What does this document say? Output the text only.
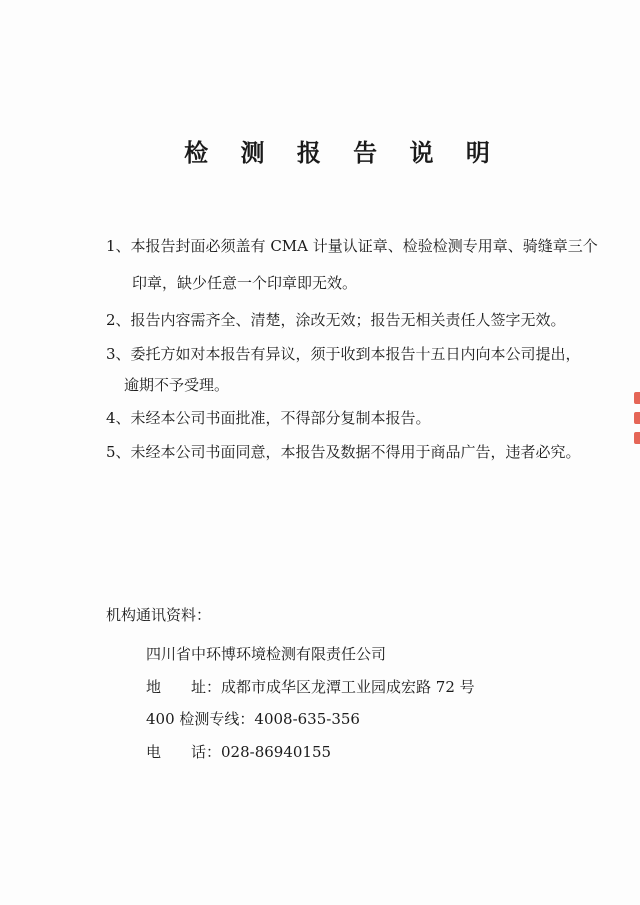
检 测 报 告 说 明
1、本报告封面必须盖有 CMA 计量认证章、检验检测专用章、骑缝章三个
印章，缺少任意一个印章即无效。
2、报告内容需齐全、清楚，涂改无效；报告无相关责任人签字无效。
3、委托方如对本报告有异议，须于收到本报告十五日内向本公司提出，
逾期不予受理。
4、未经本公司书面批准，不得部分复制本报告。
5、未经本公司书面同意，本报告及数据不得用于商品广告，违者必究。
机构通讯资料：
四川省中环博环境检测有限责任公司
地　　址：成都市成华区龙潭工业园成宏路 72 号
400 检测专线：4008-635-356
电　　话：028-86940155
